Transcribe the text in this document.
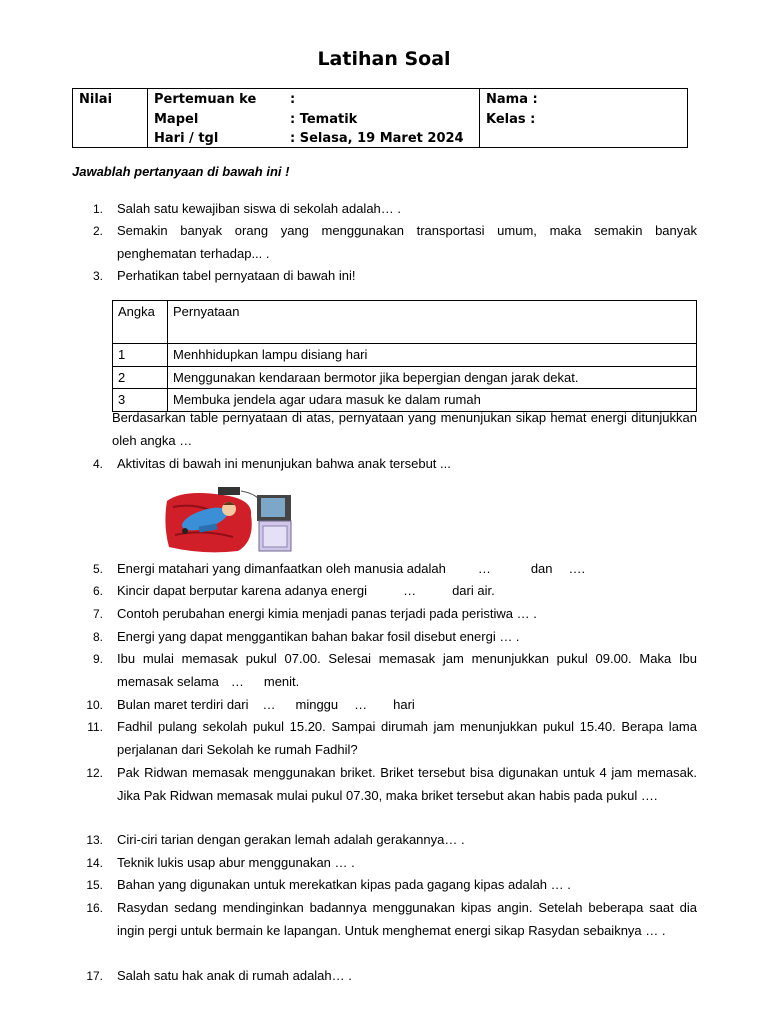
Latihan Soal
Nilai	Pertemuan ke	:
Mapel	: Tematik
Hari / tgl	: Selasa, 19 Maret 2024
Nama :
Kelas :
Jawablah pertanyaan di bawah ini !
1.	Salah satu kewajiban siswa di sekolah adalah… .
2.	Semakin banyak orang yang menggunakan transportasi umum, maka semakin banyak penghematan terhadap... .
3.	Perhatikan tabel pernyataan di bawah ini!
Angka	Pernyataan
1	Menhhidupkan lampu disiang hari
2	Menggunakan kendaraan bermotor jika bepergian dengan jarak dekat.
3	Membuka jendela agar udara masuk ke dalam rumah
Berdasarkan table pernyataan di atas, pernyataan yang menunjukan sikap hemat energi ditunjukkan oleh angka …
4.	Aktivitas di bawah ini menunjukan bahwa anak tersebut ...
5.	Energi matahari yang dimanfaatkan oleh manusia adalah …	dan ….
6.	Kincir dapat berputar karena adanya energi	…	dari air.
7.	Contoh perubahan energi kimia menjadi panas terjadi pada peristiwa … .
8.	Energi yang dapat menggantikan bahan bakar fosil disebut energi … .
9.	Ibu mulai memasak pukul 07.00. Selesai memasak jam menunjukkan pukul 09.00. Maka Ibu memasak selama … menit.
10.	Bulan maret terdiri dari … minggu … hari
11.	Fadhil pulang sekolah pukul 15.20. Sampai dirumah jam menunjukkan pukul 15.40. Berapa lama perjalanan dari Sekolah ke rumah Fadhil?
12.	Pak Ridwan memasak menggunakan briket. Briket tersebut bisa digunakan untuk 4 jam memasak. Jika Pak Ridwan memasak mulai pukul 07.30, maka briket tersebut akan habis pada pukul ….
13.	Ciri-ciri tarian dengan gerakan lemah adalah gerakannya… .
14.	Teknik lukis usap abur menggunakan … .
15.	Bahan yang digunakan untuk merekatkan kipas pada gagang kipas adalah … .
16.	Rasydan sedang mendinginkan badannya menggunakan kipas angin. Setelah beberapa saat dia ingin pergi untuk bermain ke lapangan. Untuk menghemat energi sikap Rasydan sebaiknya … .
17.	Salah satu hak anak di rumah adalah… .
